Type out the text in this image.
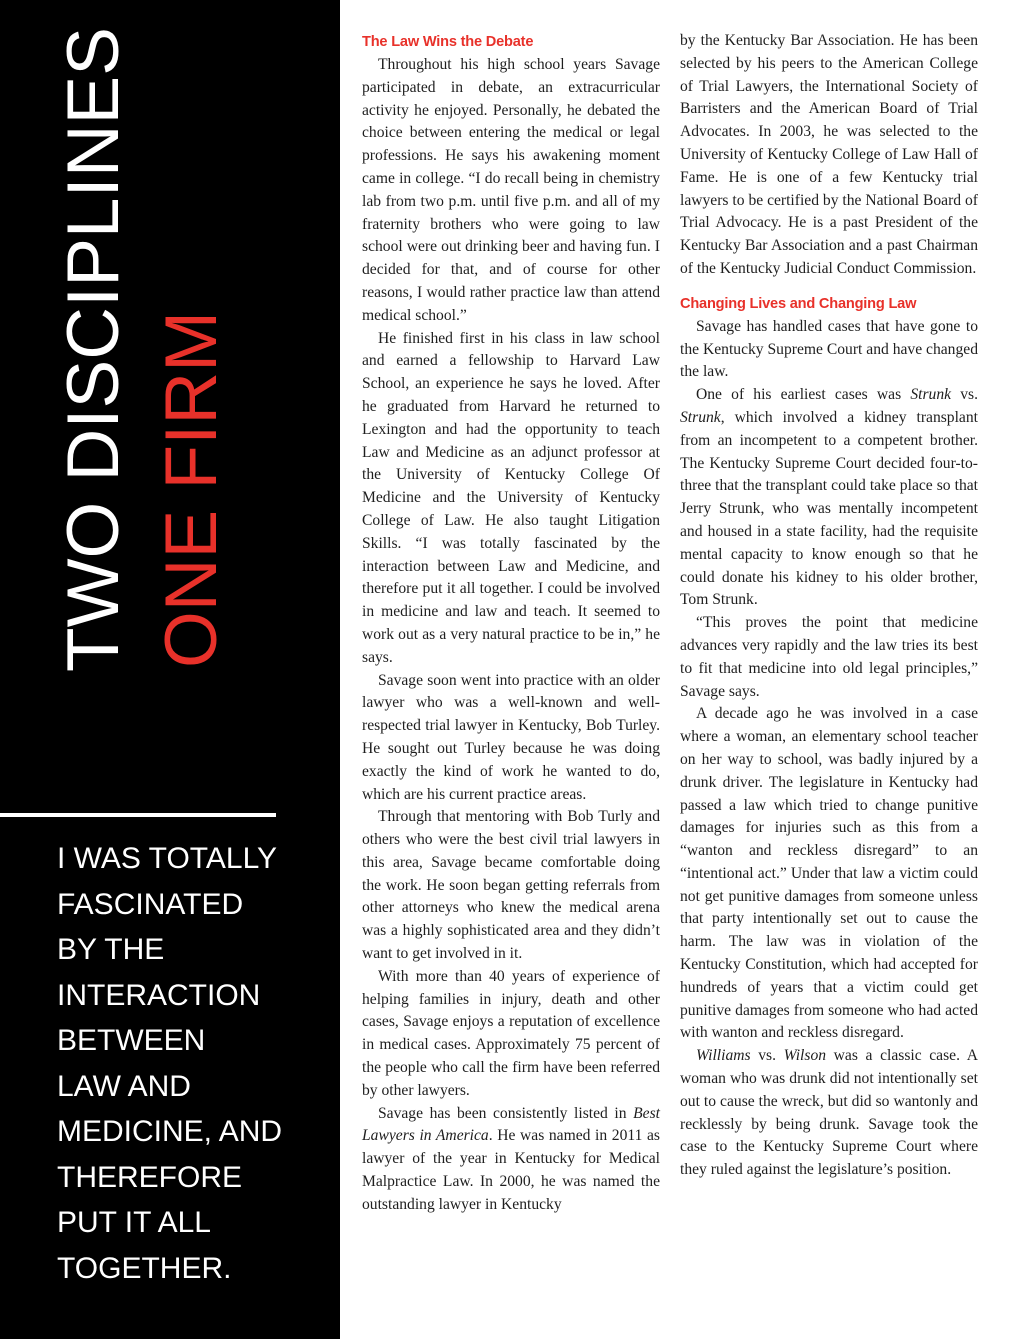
TWO DISCIPLINES ONE FIRM
I WAS TOTALLY
FASCINATED
BY THE
INTERACTION
BETWEEN
LAW AND
MEDICINE, AND
THEREFORE
PUT IT ALL
TOGETHER.
The Law Wins the Debate

Throughout his high school years Savage participated in debate, an extracurricular activity he enjoyed. Personally, he debated the choice between entering the medical or legal professions. He says his awakening moment came in college. “I do recall being in chemistry lab from two p.m. until five p.m. and all of my fraternity brothers who were going to law school were out drinking beer and having fun. I decided for that, and of course for other reasons, I would rather practice law than attend medical school.”

He finished first in his class in law school and earned a fellowship to Harvard Law School, an experience he says he loved. After he graduated from Harvard he returned to Lexington and had the opportunity to teach Law and Medicine as an adjunct professor at the University of Kentucky College Of Medicine and the University of Kentucky College of Law. He also taught Litigation Skills. “I was totally fascinated by the interaction between Law and Medicine, and therefore put it all together. I could be involved in medicine and law and teach. It seemed to work out as a very natural practice to be in,” he says.

Savage soon went into practice with an older lawyer who was a well-known and well-respected trial lawyer in Kentucky, Bob Turley. He sought out Turley because he was doing exactly the kind of work he wanted to do, which are his current practice areas.

Through that mentoring with Bob Turly and others who were the best civil trial lawyers in this area, Savage became comfortable doing the work. He soon began getting referrals from other attorneys who knew the medical arena was a highly sophisticated area and they didn’t want to get involved in it.

With more than 40 years of experience of helping families in injury, death and other cases, Savage enjoys a reputation of excellence in medical cases. Approximately 75 percent of the people who call the firm have been referred by other lawyers.

Savage has been consistently listed in Best Lawyers in America. He was named in 2011 as lawyer of the year in Kentucky for Medical Malpractice Law. In 2000, he was named the outstanding lawyer in Kentucky

by the Kentucky Bar Association. He has been selected by his peers to the American College of Trial Lawyers, the International Society of Barristers and the American Board of Trial Advocates. In 2003, he was selected to the University of Kentucky College of Law Hall of Fame. He is one of a few Kentucky trial lawyers to be certified by the National Board of Trial Advocacy. He is a past President of the Kentucky Bar Association and a past Chairman of the Kentucky Judicial Conduct Commission.

Changing Lives and Changing Law

Savage has handled cases that have gone to the Kentucky Supreme Court and have changed the law.

One of his earliest cases was Strunk vs. Strunk, which involved a kidney transplant from an incompetent to a competent brother. The Kentucky Supreme Court decided four-to-three that the transplant could take place so that Jerry Strunk, who was mentally incompetent and housed in a state facility, had the requisite mental capacity to know enough so that he could donate his kidney to his older brother, Tom Strunk.

“This proves the point that medicine advances very rapidly and the law tries its best to fit that medicine into old legal principles,” Savage says.

A decade ago he was involved in a case where a woman, an elementary school teacher on her way to school, was badly injured by a drunk driver. The legislature in Kentucky had passed a law which tried to change punitive damages for injuries such as this from a “wanton and reckless disregard” to an “intentional act.” Under that law a victim could not get punitive damages from someone unless that party intentionally set out to cause the harm. The law was in violation of the Kentucky Constitution, which had accepted for hundreds of years that a victim could get punitive damages from someone who had acted with wanton and reckless disregard.

Williams vs. Wilson was a classic case. A woman who was drunk did not intentionally set out to cause the wreck, but did so wantonly and recklessly by being drunk. Savage took the case to the Kentucky Supreme Court where they ruled against the legislature’s position.
